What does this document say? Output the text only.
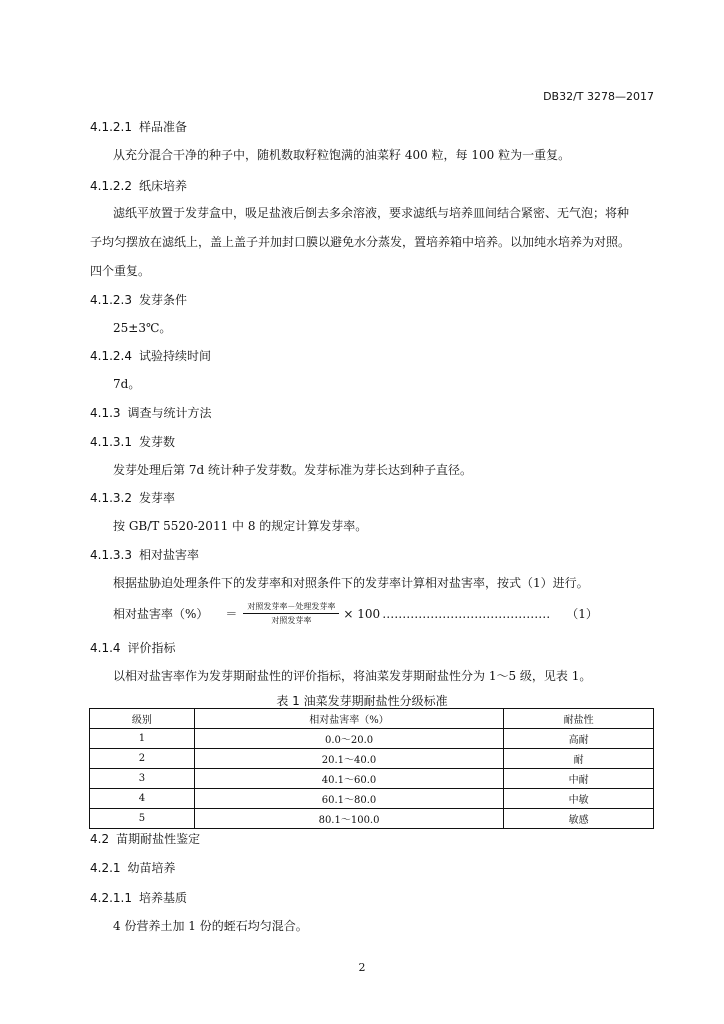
DB32/T 3278—2017
4.1.2.1 样品准备
从充分混合干净的种子中，随机数取籽粒饱满的油菜籽 400 粒，每 100 粒为一重复。
4.1.2.2 纸床培养
滤纸平放置于发芽盒中，吸足盐液后倒去多余溶液，要求滤纸与培养皿间结合紧密、无气泡；将种
子均匀摆放在滤纸上，盖上盖子并加封口膜以避免水分蒸发，置培养箱中培养。以加纯水培养为对照。
四个重复。
4.1.2.3 发芽条件
25±3℃。
4.1.2.4 试验持续时间
7d。
4.1.3 调查与统计方法
4.1.3.1 发芽数
发芽处理后第 7d 统计种子发芽数。发芽标准为芽长达到种子直径。
4.1.3.2 发芽率
按 GB/T 5520-2011 中 8 的规定计算发芽率。
4.1.3.3 相对盐害率
根据盐胁迫处理条件下的发芽率和对照条件下的发芽率计算相对盐害率，按式（1）进行。
相对盐害率（%） ＝ $\frac{\text{对照发芽率－处理发芽率}}{\text{对照发芽率}} \times 100$ …………………………………… （1）
4.1.4 评价指标
以相对盐害率作为发芽期耐盐性的评价指标，将油菜发芽期耐盐性分为 1～5 级，见表 1。
表 1 油菜发芽期耐盐性分级标准
级别	相对盐害率（%）	耐盐性
1	0.0～20.0	高耐
2	20.1～40.0	耐
3	40.1～60.0	中耐
4	60.1～80.0	中敏
5	80.1～100.0	敏感
4.2 苗期耐盐性鉴定
4.2.1 幼苗培养
4.2.1.1 培养基质
4 份营养土加 1 份的蛭石均匀混合。
2
